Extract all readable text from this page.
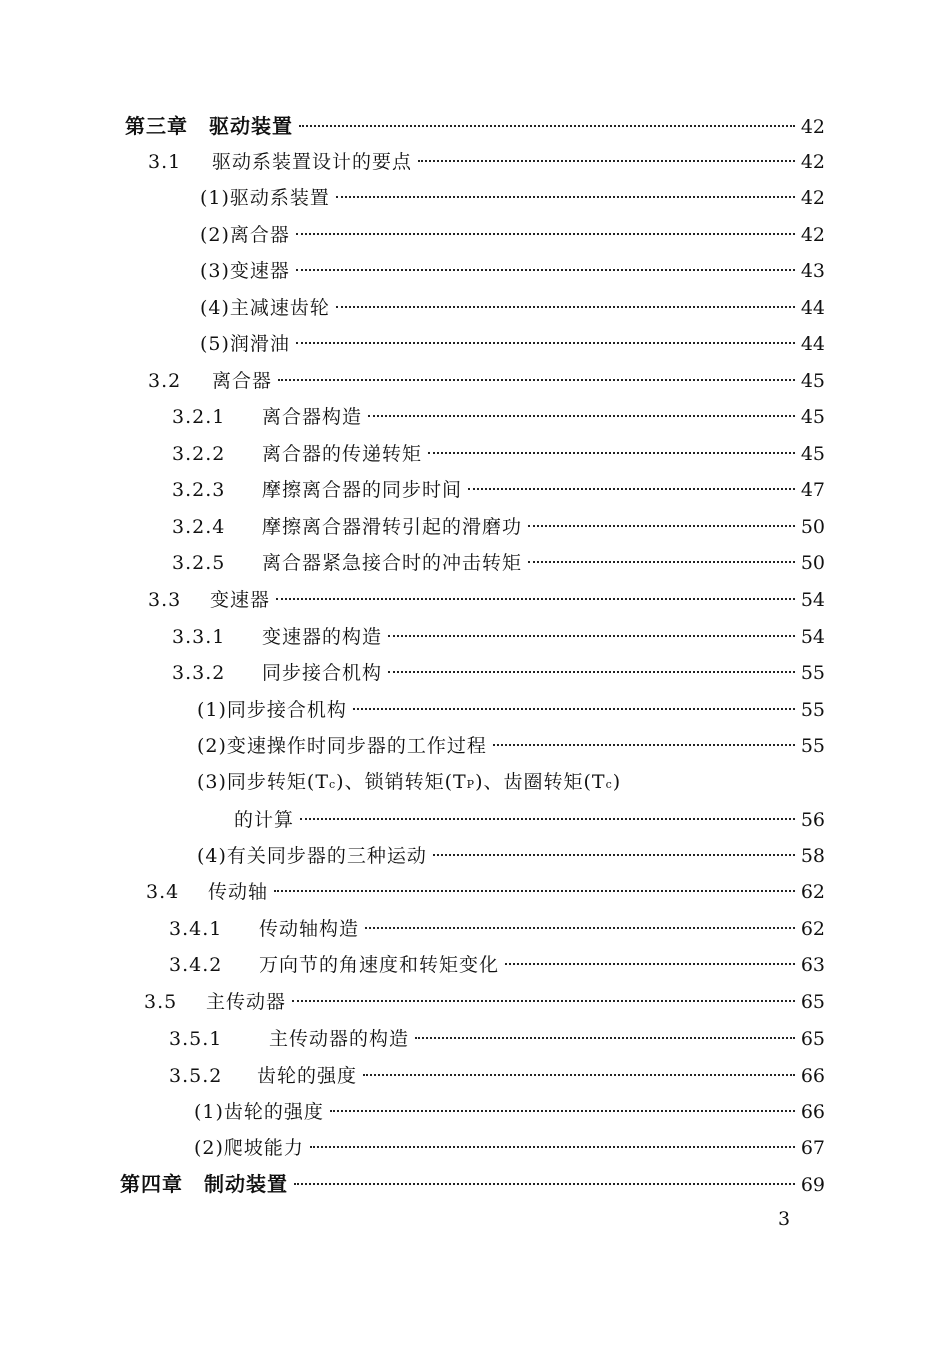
第三章　驱动装置	42
3.1	驱动系装置设计的要点	42
(1)驱动系装置	42
(2)离合器	42
(3)变速器	43
(4)主减速齿轮	44
(5)润滑油	44
3.2	离合器	45
3.2.1	离合器构造	45
3.2.2	离合器的传递转矩	45
3.2.3	摩擦离合器的同步时间	47
3.2.4	摩擦离合器滑转引起的滑磨功	50
3.2.5	离合器紧急接合时的冲击转矩	50
3.3	变速器	54
3.3.1	变速器的构造	54
3.3.2	同步接合机构	55
(1)同步接合机构	55
(2)变速操作时同步器的工作过程	55
(3)同步转矩(T c )、锁销转矩(T P )、齿圈转矩(T c )
的计算	56
(4)有关同步器的三种运动	58
3.4	传动轴	62
3.4.1	传动轴构造	62
3.4.2	万向节的角速度和转矩变化	63
3.5	主传动器	65
3.5.1	主传动器的构造	65
3.5.2	齿轮的强度	66
(1)齿轮的强度	66
(2)爬坡能力	67
第四章　制动装置	69
3
